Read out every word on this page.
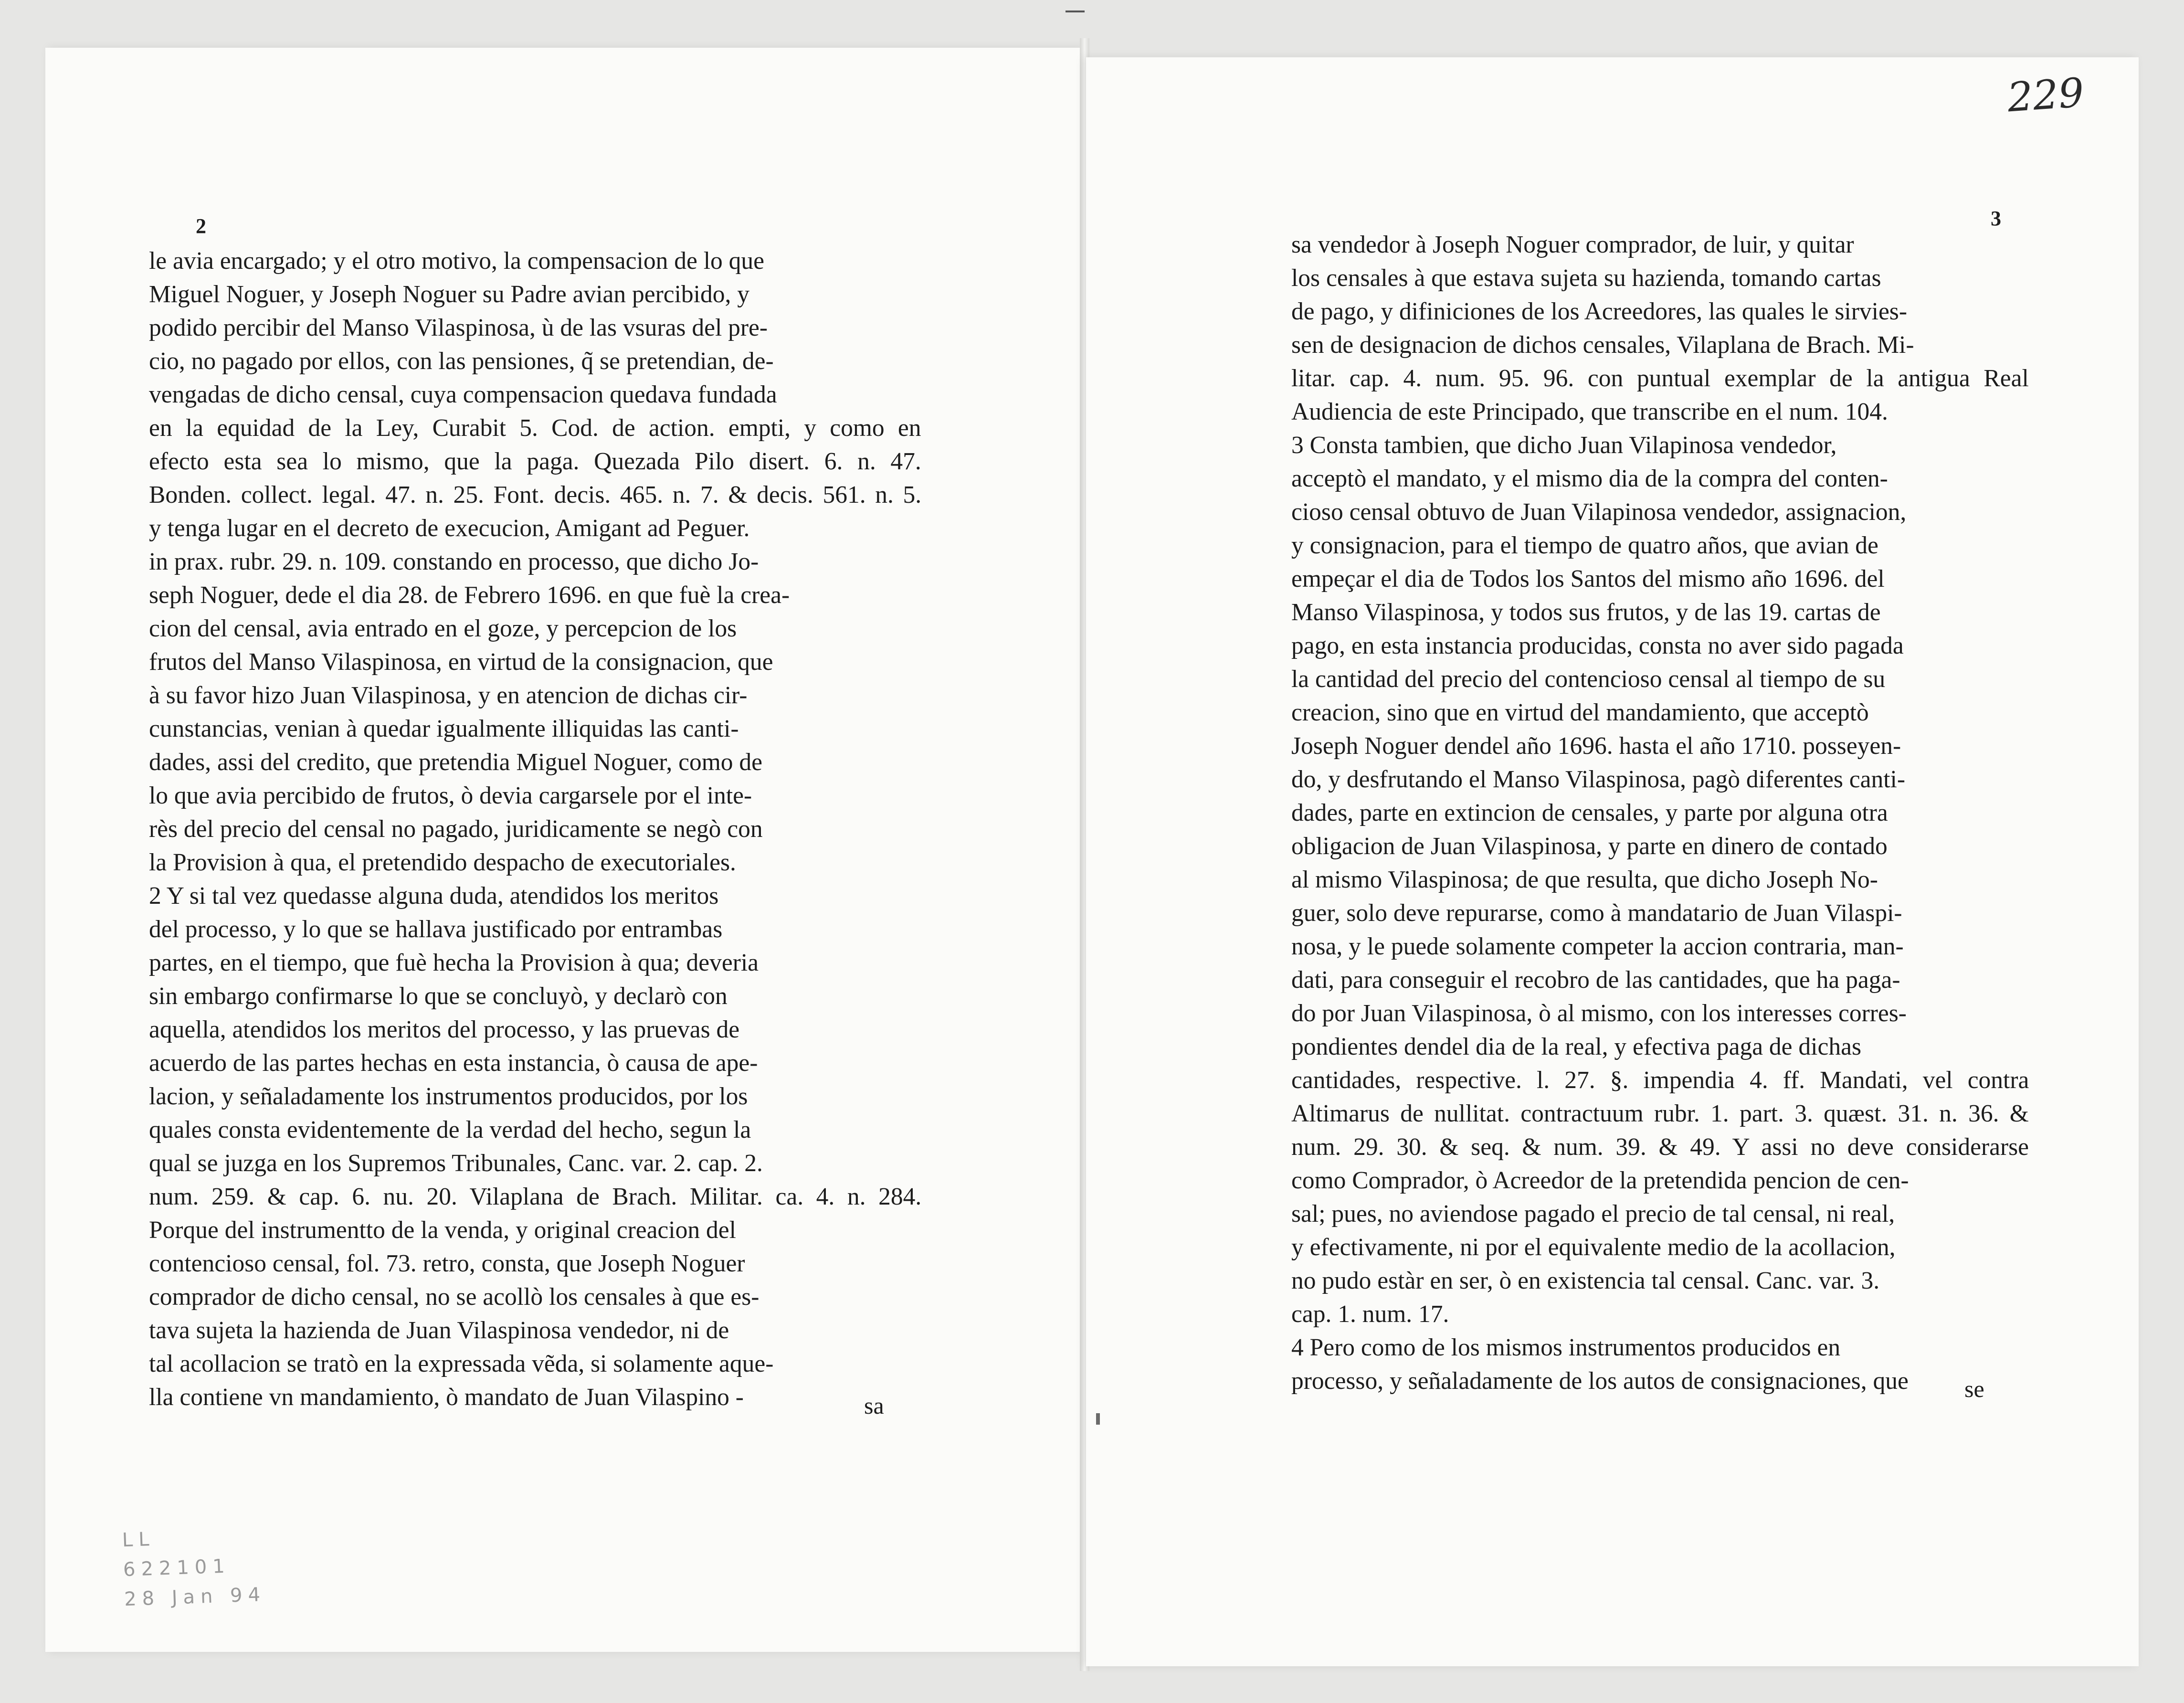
2	3
229
le avia encargado; y el otro motivo, la compensacion de lo que
Miguel Noguer, y Joseph Noguer su Padre avian percibido, y
podido percibir del Manso Vilaspinosa, ù de las vsuras del pre-
cio, no pagado por ellos, con las pensiones, q̃ se pretendian, de-
vengadas de dicho censal, cuya compensacion quedava fundada
en la equidad de la Ley, Curabit 5. Cod. de action. empti, y como en
efecto esta sea lo mismo, que la paga. Quezada Pilo disert. 6. n. 47.
Bonden. collect. legal. 47. n. 25. Font. decis. 465. n. 7. & decis. 561. n. 5.
y tenga lugar en el decreto de execucion, Amigant ad Peguer.
in prax. rubr. 29. n. 109. constando en processo, que dicho Jo-
seph Noguer, dede el dia 28. de Febrero 1696. en que fuè la crea-
cion del censal, avia entrado en el goze, y percepcion de los
frutos del Manso Vilaspinosa, en virtud de la consignacion, que
à su favor hizo Juan Vilaspinosa, y en atencion de dichas cir-
cunstancias, venian à quedar igualmente illiquidas las canti-
dades, assi del credito, que pretendia Miguel Noguer, como de
lo que avia percibido de frutos, ò devia cargarsele por el inte-
rès del precio del censal no pagado, juridicamente se negò con
la Provision à qua, el pretendido despacho de executoriales.
2 Y si tal vez quedasse alguna duda, atendidos los meritos
del processo, y lo que se hallava justificado por entrambas
partes, en el tiempo, que fuè hecha la Provision à qua; deveria
sin embargo confirmarse lo que se concluyò, y declarò con
aquella, atendidos los meritos del processo, y las pruevas de
acuerdo de las partes hechas en esta instancia, ò causa de ape-
lacion, y señaladamente los instrumentos producidos, por los
quales consta evidentemente de la verdad del hecho, segun la
qual se juzga en los Supremos Tribunales, Canc. var. 2. cap. 2.
num. 259. & cap. 6. nu. 20. Vilaplana de Brach. Militar. ca. 4. n. 284.
Porque del instrumentto de la venda, y original creacion del
contencioso censal, fol. 73. retro, consta, que Joseph Noguer
comprador de dicho censal, no se acollò los censales à que es-
tava sujeta la hazienda de Juan Vilaspinosa vendedor, ni de
tal acollacion se tratò en la expressada vẽda, si solamente aque-
lla contiene vn mandamiento, ò mandato de Juan Vilaspino -
sa vendedor à Joseph Noguer comprador, de luir, y quitar
los censales à que estava sujeta su hazienda, tomando cartas
de pago, y difiniciones de los Acreedores, las quales le sirvies-
sen de designacion de dichos censales, Vilaplana de Brach. Mi-
litar. cap. 4. num. 95. 96. con puntual exemplar de la antigua Real
Audiencia de este Principado, que transcribe en el num. 104.
3 Consta tambien, que dicho Juan Vilapinosa vendedor,
acceptò el mandato, y el mismo dia de la compra del conten-
cioso censal obtuvo de Juan Vilapinosa vendedor, assignacion,
y consignacion, para el tiempo de quatro años, que avian de
empeçar el dia de Todos los Santos del mismo año 1696. del
Manso Vilaspinosa, y todos sus frutos, y de las 19. cartas de
pago, en esta instancia producidas, consta no aver sido pagada
la cantidad del precio del contencioso censal al tiempo de su
creacion, sino que en virtud del mandamiento, que acceptò
Joseph Noguer dendel año 1696. hasta el año 1710. posseyen-
do, y desfrutando el Manso Vilaspinosa, pagò diferentes canti-
dades, parte en extincion de censales, y parte por alguna otra
obligacion de Juan Vilaspinosa, y parte en dinero de contado
al mismo Vilaspinosa; de que resulta, que dicho Joseph No-
guer, solo deve repurarse, como à mandatario de Juan Vilaspi-
nosa, y le puede solamente competer la accion contraria, man-
dati, para conseguir el recobro de las cantidades, que ha paga-
do por Juan Vilaspinosa, ò al mismo, con los interesses corres-
pondientes dendel dia de la real, y efectiva paga de dichas
cantidades, respective. l. 27. §. impendia 4. ff. Mandati, vel contra
Altimarus de nullitat. contractuum rubr. 1. part. 3. quæst. 31. n. 36. &
num. 29. 30. & seq. & num. 39. & 49. Y assi no deve considerarse
como Comprador, ò Acreedor de la pretendida pencion de cen-
sal; pues, no aviendose pagado el precio de tal censal, ni real,
y efectivamente, ni por el equivalente medio de la acollacion,
no pudo estàr en ser, ò en existencia tal censal. Canc. var. 3.
cap. 1. num. 17.
4 Pero como de los mismos instrumentos producidos en
processo, y señaladamente de los autos de consignaciones, que
sa
se
LL
622101
28 Jan 94
